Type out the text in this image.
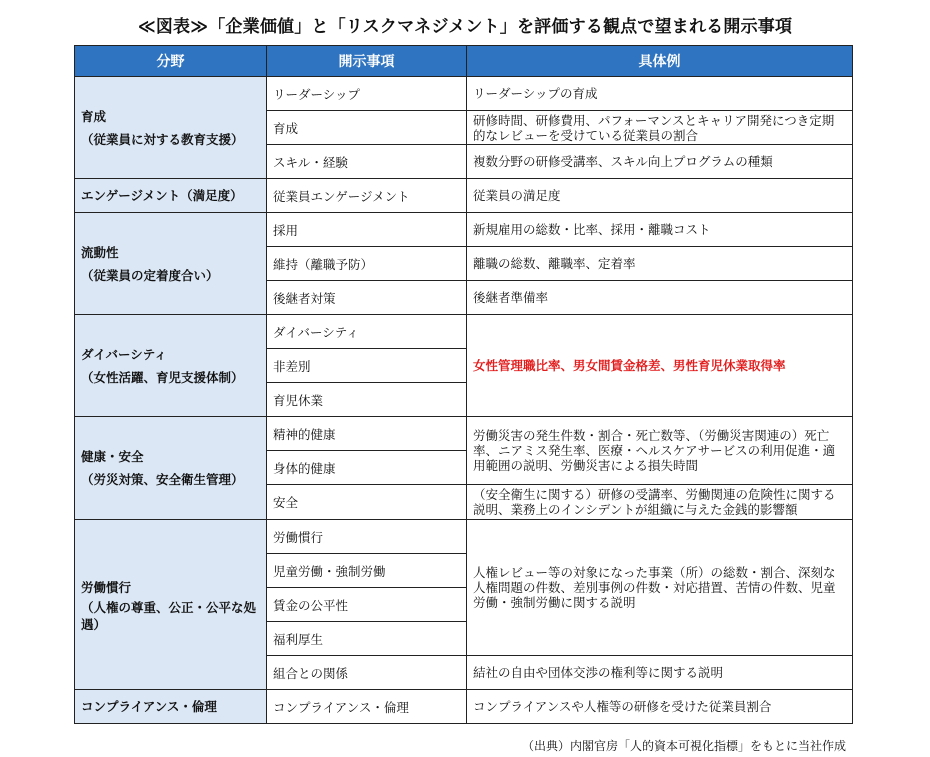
≪図表≫「企業価値」と「リスクマネジメント」を評価する観点で望まれる開示事項
分野	開示事項	具体例
育成
（従業員に対する教育支援）	リーダーシップ	リーダーシップの育成
	育成	研修時間、研修費用、パフォーマンスとキャリア開発につき定期的なレビューを受けている従業員の割合
	スキル・経験	複数分野の研修受講率、スキル向上プログラムの種類
エンゲージメント（満足度）	従業員エンゲージメント	従業員の満足度
流動性
（従業員の定着度合い）	採用	新規雇用の総数・比率、採用・離職コスト
	維持（離職予防）	離職の総数、離職率、定着率
	後継者対策	後継者準備率
ダイバーシティ
（女性活躍、育児支援体制）	ダイバーシティ	女性管理職比率、男女間賃金格差、男性育児休業取得率
	非差別	
	育児休業	
健康・安全
（労災対策、安全衛生管理）	精神的健康	労働災害の発生件数・割合・死亡数等、（労働災害関連の）死亡率、ニアミス発生率、医療・ヘルスケアサービスの利用促進・適用範囲の説明、労働災害による損失時間
	身体的健康	
	安全	（安全衛生に関する）研修の受講率、労働関連の危険性に関する説明、業務上のインシデントが組織に与えた金銭的影響額
労働慣行
（人権の尊重、公正・公平な処遇）	労働慣行	人権レビュー等の対象になった事業（所）の総数・割合、深刻な人権問題の件数、差別事例の件数・対応措置、苦情の件数、児童労働・強制労働に関する説明
	児童労働・強制労働	
	賃金の公平性	
	福利厚生	
	組合との関係	結社の自由や団体交渉の権利等に関する説明
コンプライアンス・倫理	コンプライアンス・倫理	コンプライアンスや人権等の研修を受けた従業員割合
（出典）内閣官房「人的資本可視化指標」をもとに当社作成
